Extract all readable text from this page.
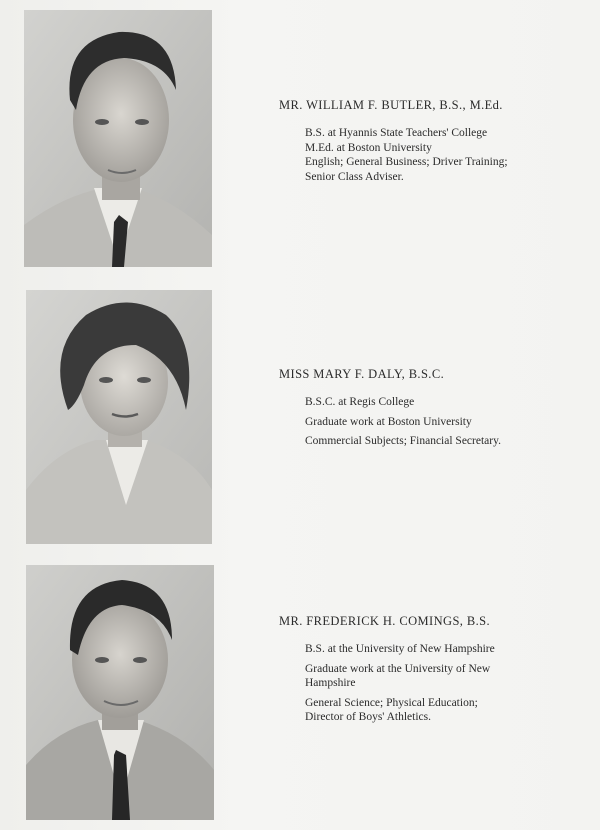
MR. WILLIAM F. BUTLER, B.S., M.Ed.
B.S. at Hyannis State Teachers' College
M.Ed. at Boston University
English; General Business; Driver Training;
Senior Class Adviser.
MISS MARY F. DALY, B.S.C.
B.S.C. at Regis College
Graduate work at Boston University
Commercial Subjects; Financial Secretary.
MR. FREDERICK H. COMINGS, B.S.
B.S. at the University of New Hampshire
Graduate work at the University of New
Hampshire
General Science; Physical Education;
Director of Boys' Athletics.
